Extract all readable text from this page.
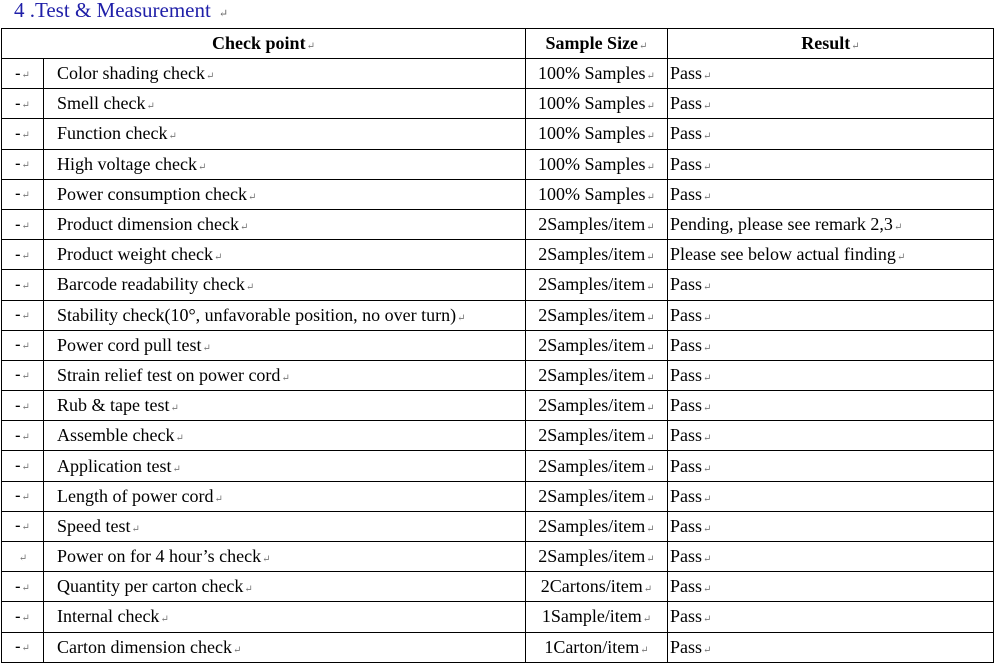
4 .Test & Measurement ↵
Check point↵		Sample Size↵	Result↵
-↵	Color shading check↵	100% Samples↵	Pass↵
-↵	Smell check↵	100% Samples↵	Pass↵
-↵	Function check↵	100% Samples↵	Pass↵
-↵	High voltage check↵	100% Samples↵	Pass↵
-↵	Power consumption check↵	100% Samples↵	Pass↵
-↵	Product dimension check↵	2Samples/item↵	Pending, please see remark 2,3↵
-↵	Product weight check↵	2Samples/item↵	Please see below actual finding↵
-↵	Barcode readability check↵	2Samples/item↵	Pass↵
-↵	Stability check(10°, unfavorable position, no over turn)↵	2Samples/item↵	Pass↵
-↵	Power cord pull test↵	2Samples/item↵	Pass↵
-↵	Strain relief test on power cord↵	2Samples/item↵	Pass↵
-↵	Rub & tape test↵	2Samples/item↵	Pass↵
-↵	Assemble check↵	2Samples/item↵	Pass↵
-↵	Application test↵	2Samples/item↵	Pass↵
-↵	Length of power cord↵	2Samples/item↵	Pass↵
-↵	Speed test↵	2Samples/item↵	Pass↵
↵	Power on for 4 hour’s check↵	2Samples/item↵	Pass↵
-↵	Quantity per carton check↵	2Cartons/item↵	Pass↵
-↵	Internal check↵	1Sample/item↵	Pass↵
-↵	Carton dimension check↵	1Carton/item↵	Pass↵
